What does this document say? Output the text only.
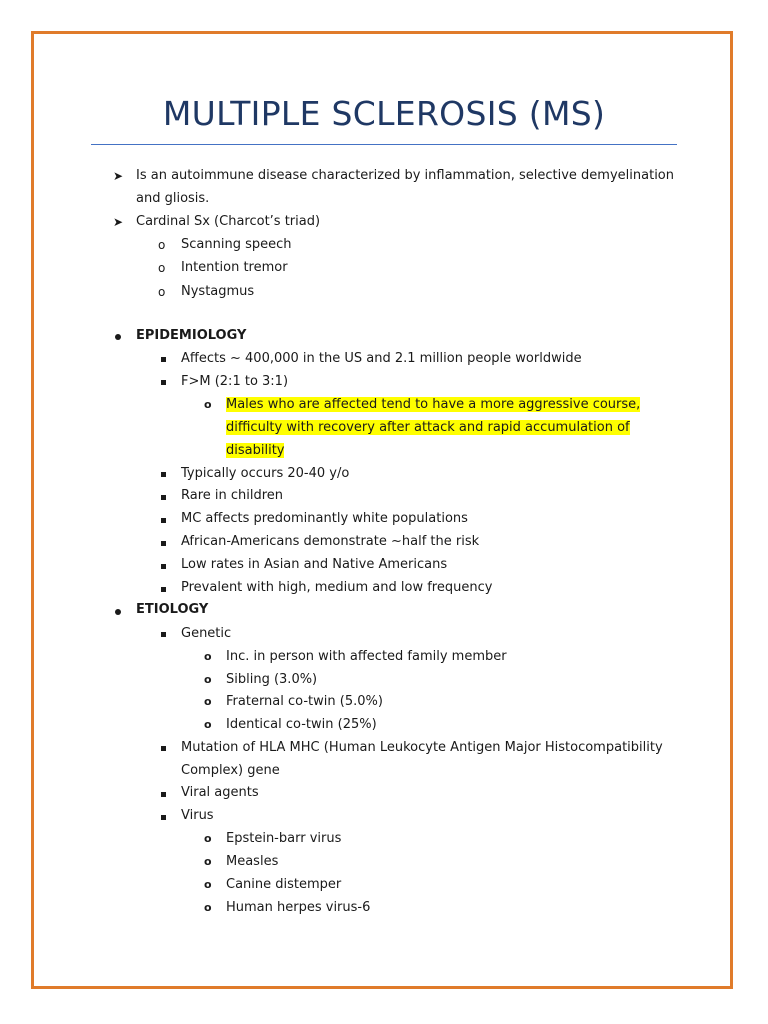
MULTIPLE SCLEROSIS (MS)
➤ Is an autoimmune disease characterized by inflammation, selective demyelination
and gliosis.
➤ Cardinal Sx (Charcot’s triad)
o Scanning speech
o Intention tremor
o Nystagmus
EPIDEMIOLOGY
Affects ~ 400,000 in the US and 2.1 million people worldwide
F>M (2:1 to 3:1)
o Males who are affected tend to have a more aggressive course,
difficulty with recovery after attack and rapid accumulation of
disability
Typically occurs 20-40 y/o
Rare in children
MC affects predominantly white populations
African-Americans demonstrate ~half the risk
Low rates in Asian and Native Americans
Prevalent with high, medium and low frequency
ETIOLOGY
Genetic
o Inc. in person with affected family member
o Sibling (3.0%)
o Fraternal co-twin (5.0%)
o Identical co-twin (25%)
Mutation of HLA MHC (Human Leukocyte Antigen Major Histocompatibility
Complex) gene
Viral agents
Virus
o Epstein-barr virus
o Measles
o Canine distemper
o Human herpes virus-6
